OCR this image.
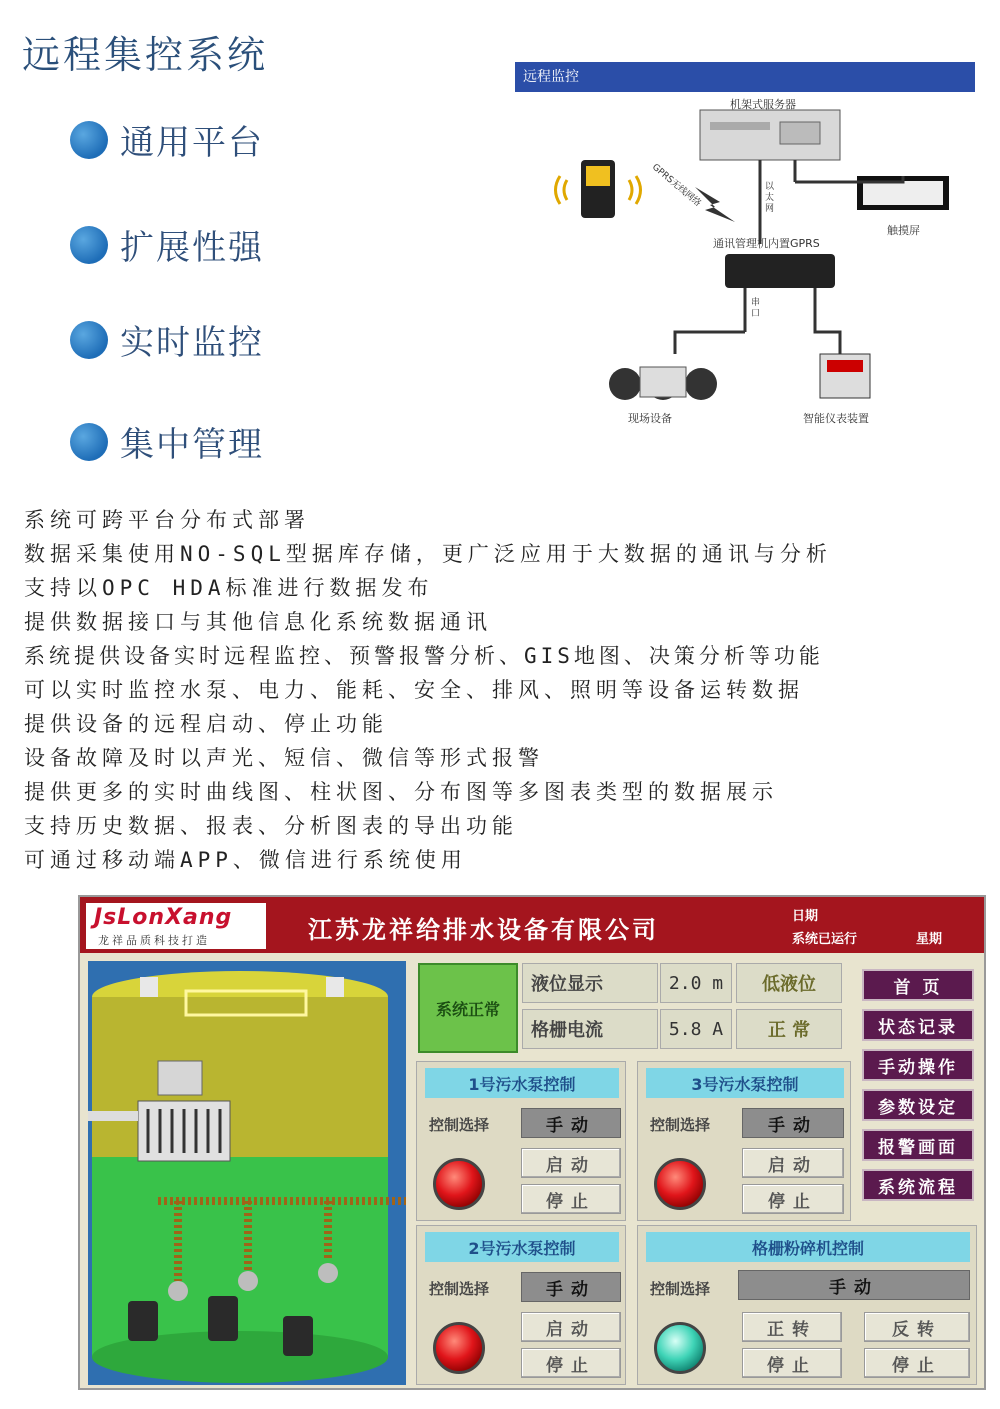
远程集控系统
通用平台
扩展性强
实时监控
集中管理
远程监控
机架式服务器
GPRS无线网络	以太网
触摸屏
通讯管理机内置GPRS
串口
现场设备	智能仪表装置
系统可跨平台分布式部署
数据采集使用NO-SQL型据库存储，更广泛应用于大数据的通讯与分析
支持以OPC HDA标准进行数据发布
提供数据接口与其他信息化系统数据通讯
系统提供设备实时远程监控、预警报警分析、GIS地图、决策分析等功能
可以实时监控水泵、电力、能耗、安全、排风、照明等设备运转数据
提供设备的远程启动、停止功能
设备故障及时以声光、短信、微信等形式报警
提供更多的实时曲线图、柱状图、分布图等多图表类型的数据展示
支持历史数据、报表、分析图表的导出功能
可通过移动端APP、微信进行系统使用
JsLonXang
龙祥品质科技打造	江苏龙祥给排水设备有限公司	日期
系统已运行	星期
系统正常
液位显示	2.0 m	低液位
格栅电流	5.8 A	正 常
1号污水泵控制
控制选择	手动
启动
停止
3号污水泵控制
控制选择	手动
启动
停止
2号污水泵控制
控制选择	手动
启动
停止
格栅粉碎机控制
控制选择	手动
正转
停止
反转
停止
首 页
状态记录
手动操作
参数设定
报警画面
系统流程
